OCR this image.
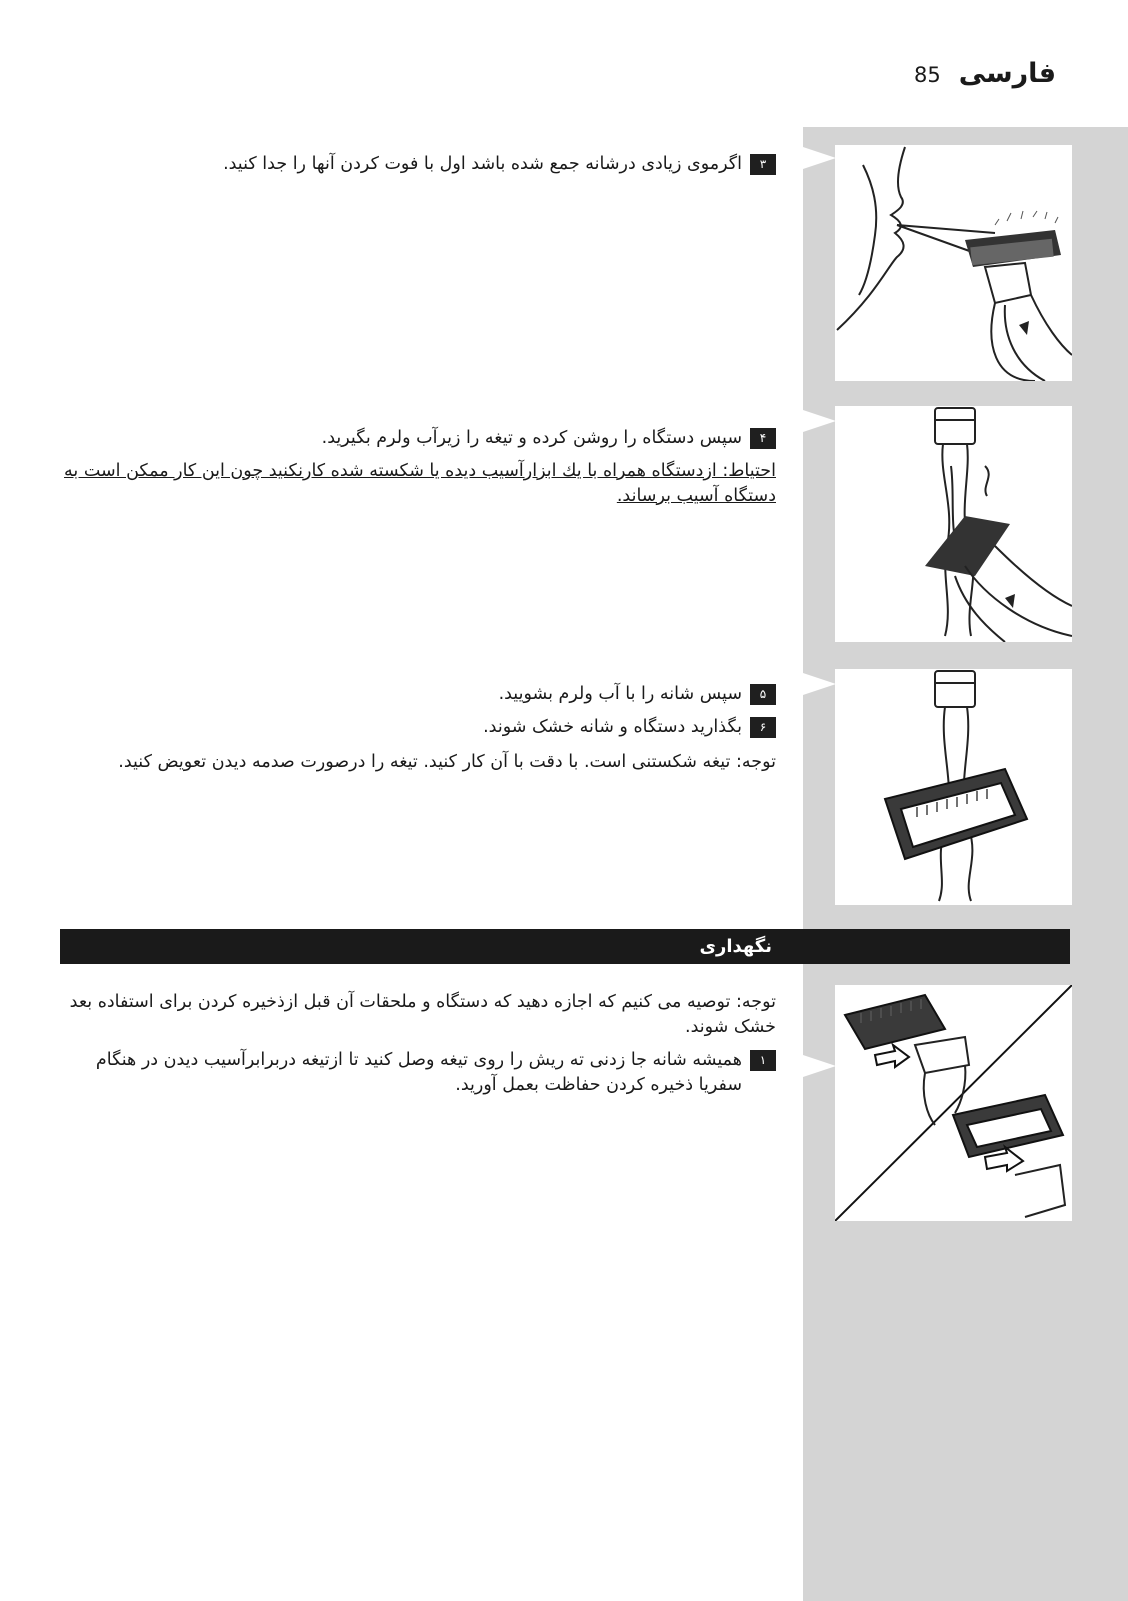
فارسی
85
۳
اگرموی زیادی درشانه جمع شده باشد اول با فوت کردن آنها را جدا کنید.
۴
سپس دستگاه را روشن کرده و تیغه را زیرآب ولرم بگیرید.
احتیاط: ازدستگاه همراه با يك ابزارآسیب دیده یا شکسته شده کارنکنید چون این کار ممکن است به دستگاه آسیب برساند.
۵
سپس شانه را با آب ولرم بشویید.
۶
بگذارید دستگاه و شانه خشک شوند.
توجه: تیغه شکستنی است. با دقت با آن کار کنید. تیغه را درصورت صدمه دیدن تعویض کنید.
نگهداری
توجه: توصیه می کنیم که اجازه دهید که دستگاه و ملحقات آن قبل ازذخیره کردن برای استفاده بعد خشک شوند.
۱
همیشه شانه جا زدنی ته ریش را روی تیغه وصل کنید تا ازتیغه دربرابرآسیب دیدن در هنگام سفریا ذخیره کردن حفاظت بعمل آورید.
